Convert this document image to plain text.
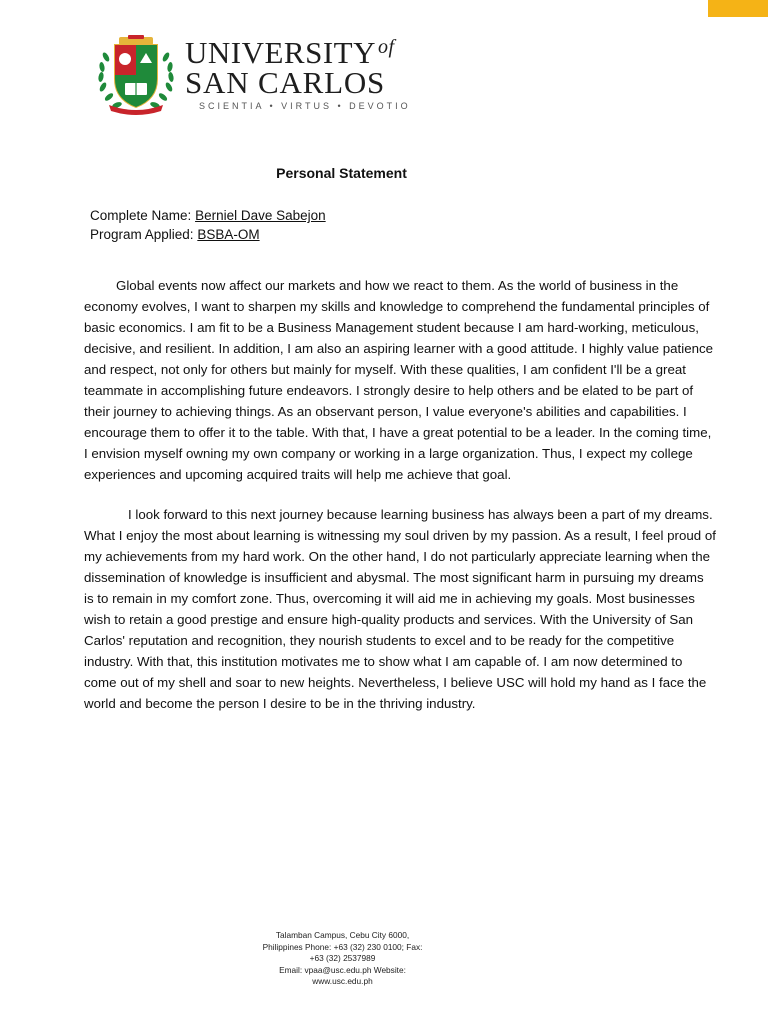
UNIVERSITY $^{of}$
SAN CARLOS
SCIENTIA • VIRTUS • DEVOTIO
Personal Statement
Complete Name: Berniel Dave Sabejon
Program Applied: BSBA-OM

Global events now affect our markets and how we react to them. As the world of business in the economy evolves, I want to sharpen my skills and knowledge to comprehend the fundamental principles of basic economics. I am fit to be a Business Management student because I am hard-working, meticulous, decisive, and resilient. In addition, I am also an aspiring learner with a good attitude. I highly value patience and respect, not only for others but mainly for myself. With these qualities, I am confident I'll be a great teammate in accomplishing future endeavors. I strongly desire to help others and be elated to be part of their journey to achieving things. As an observant person, I value everyone's abilities and capabilities. I encourage them to offer it to the table. With that, I have a great potential to be a leader. In the coming time, I envision myself owning my own company or working in a large organization. Thus, I expect my college experiences and upcoming acquired traits will help me achieve that goal.

I look forward to this next journey because learning business has always been a part of my dreams. What I enjoy the most about learning is witnessing my soul driven by my passion. As a result, I feel proud of my achievements from my hard work. On the other hand, I do not particularly appreciate learning when the dissemination of knowledge is insufficient and abysmal. The most significant harm in pursuing my dreams is to remain in my comfort zone. Thus, overcoming it will aid me in achieving my goals. Most businesses wish to retain a good prestige and ensure high-quality products and services. With the University of San Carlos' reputation and recognition, they nourish students to excel and to be ready for the competitive industry. With that, this institution motivates me to show what I am capable of. I am now determined to come out of my shell and soar to new heights. Nevertheless, I believe USC will hold my hand as I face the world and become the person I desire to be in the thriving industry.

Talamban Campus, Cebu City 6000,
Philippines Phone: +63 (32) 230 0100; Fax:
+63 (32) 2537989
Email: vpaa@usc.edu.ph Website:
www.usc.edu.ph
